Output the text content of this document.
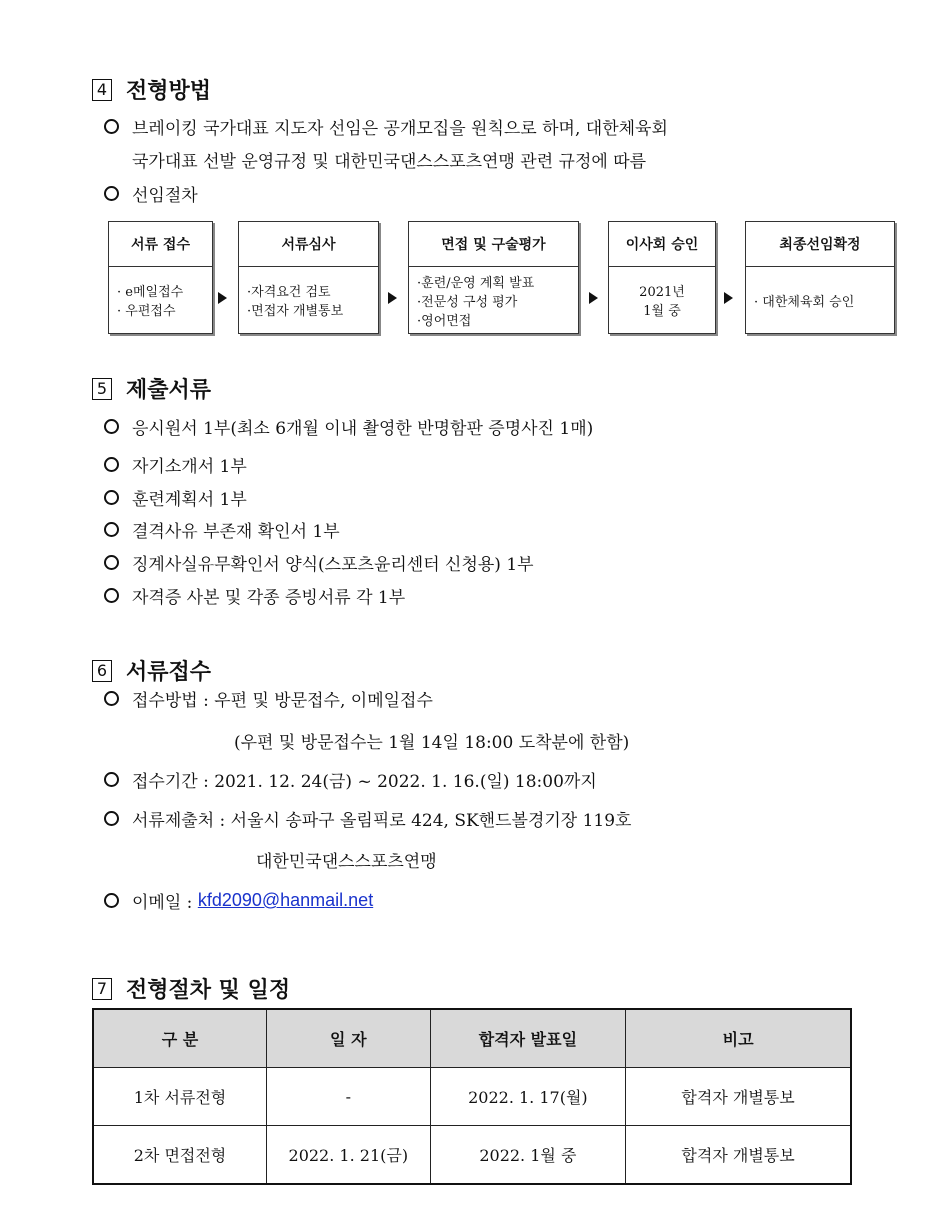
4 전형방법
브레이킹 국가대표 지도자 선임은 공개모집을 원칙으로 하며, 대한체육회
국가대표 선발 운영규정 및 대한민국댄스스포츠연맹 관련 규정에 따름
선임절차
서류 접수
· e메일접수
· 우편접수
서류심사
·자격요건 검토
·면접자 개별통보
면접 및 구술평가
·훈련/운영 계획 발표
·전문성 구성 평가
·영어면접
이사회 승인
2021년
1월 중
최종선임확정
· 대한체육회 승인
5 제출서류
응시원서 1부(최소 6개월 이내 촬영한 반명함판 증명사진 1매)
자기소개서 1부
훈련계획서 1부
결격사유 부존재 확인서 1부
징계사실유무확인서 양식(스포츠윤리센터 신청용) 1부
자격증 사본 및 각종 증빙서류 각 1부
6 서류접수
접수방법 : 우편 및 방문접수, 이메일접수
(우편 및 방문접수는 1월 14일 18:00 도착분에 한함)
접수기간 : 2021. 12. 24(금) ~ 2022. 1. 16.(일) 18:00까지
서류제출처 : 서울시 송파구 올림픽로 424, SK핸드볼경기장 119호
대한민국댄스스포츠연맹
이메일 : kfd2090@hanmail.net
7 전형절차 및 일정
구 분	일 자	합격자 발표일	비고
1차 서류전형	-	2022. 1. 17(월)	합격자 개별통보
2차 면접전형	2022. 1. 21(금)	2022. 1월 중	합격자 개별통보
